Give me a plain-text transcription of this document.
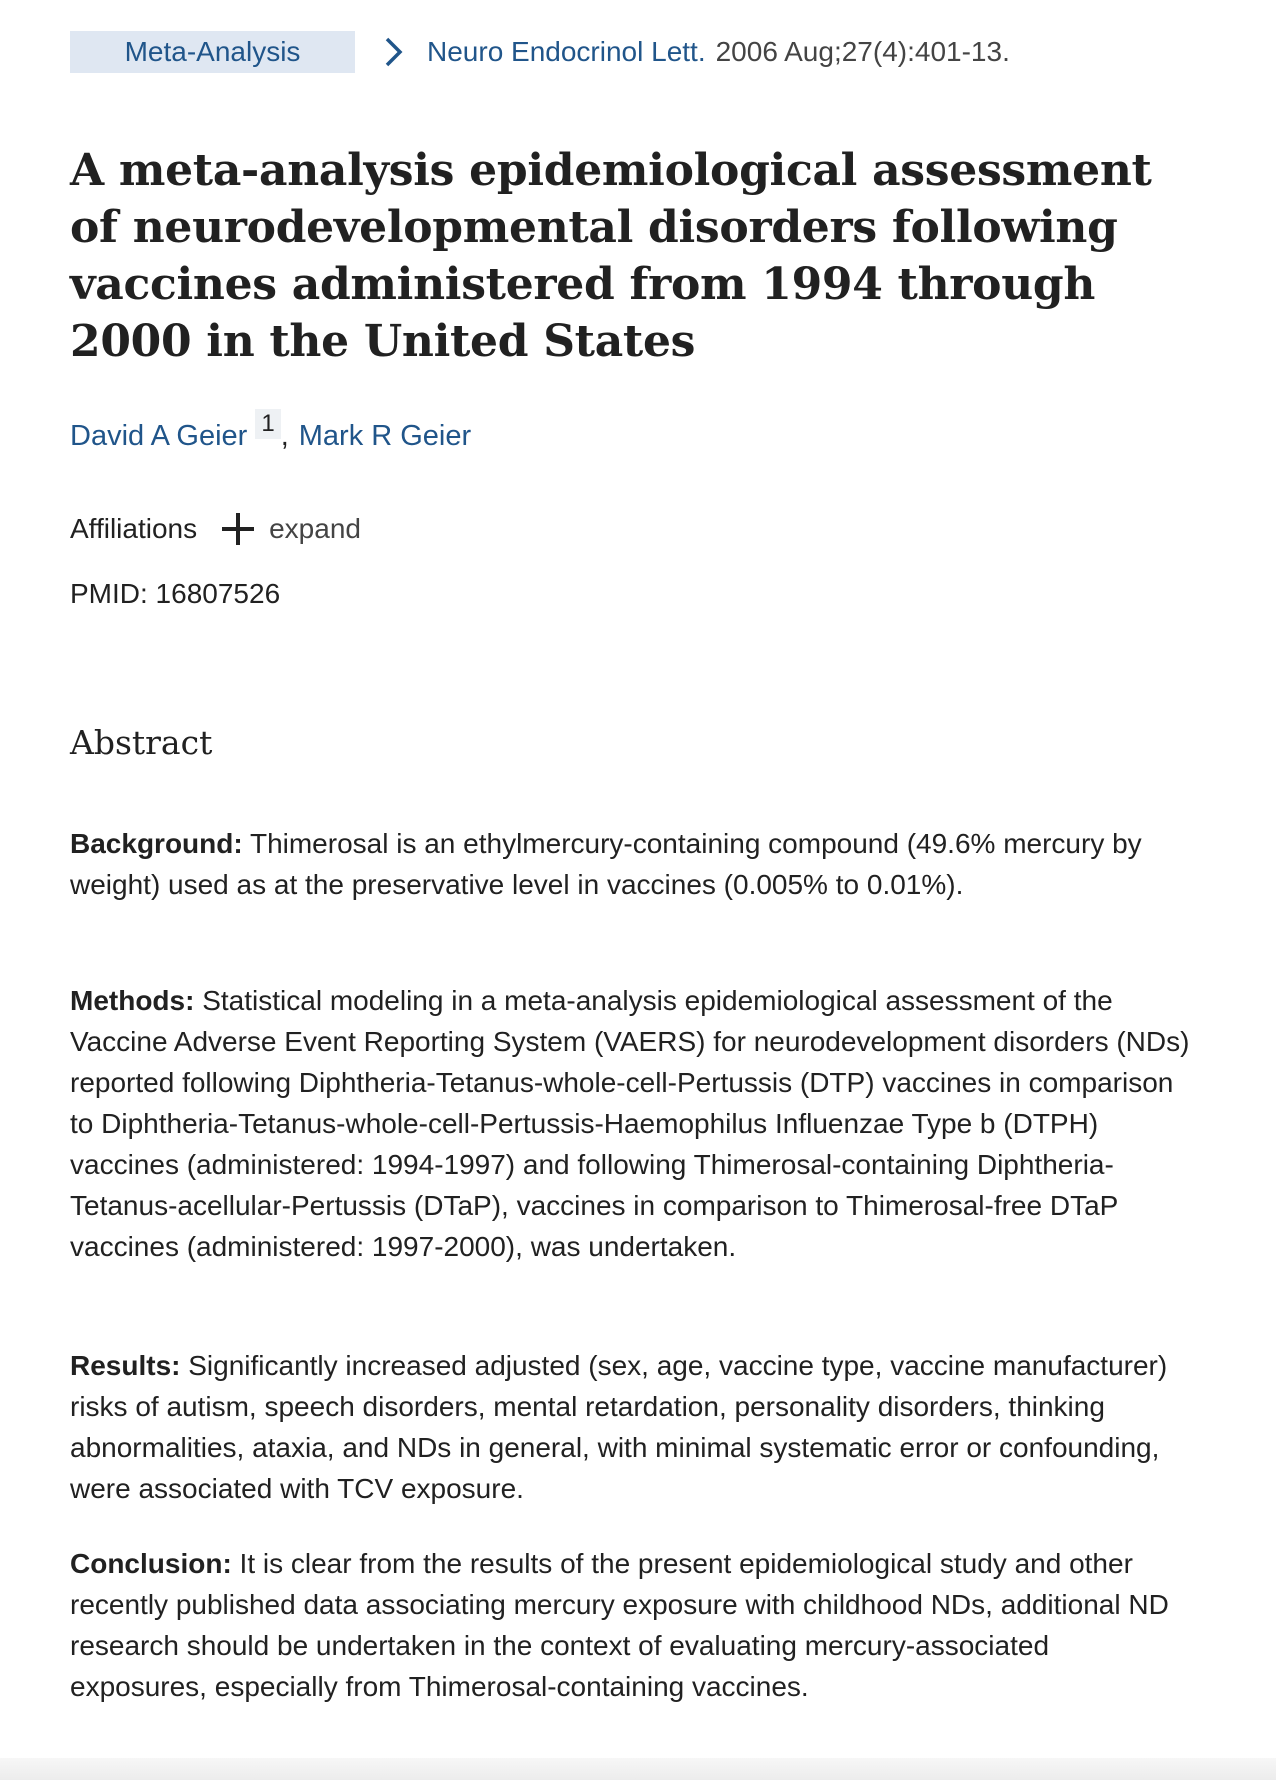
Meta-Analysis	Neuro Endocrinol Lett. 2006 Aug;27(4):401-13.
A meta-analysis epidemiological assessment of neurodevelopmental disorders following vaccines administered from 1994 through 2000 in the United States
David A Geier 1 , Mark R Geier
Affiliations	expand
PMID: 16807526
Abstract

Background: Thimerosal is an ethylmercury-containing compound (49.6% mercury by weight) used as at the preservative level in vaccines (0.005% to 0.01%).

Methods: Statistical modeling in a meta-analysis epidemiological assessment of the Vaccine Adverse Event Reporting System (VAERS) for neurodevelopment disorders (NDs) reported following Diphtheria-Tetanus-whole-cell-Pertussis (DTP) vaccines in comparison to Diphtheria-Tetanus-whole-cell-Pertussis-Haemophilus Influenzae Type b (DTPH) vaccines (administered: 1994-1997) and following Thimerosal-containing Diphtheria-Tetanus-acellular-Pertussis (DTaP), vaccines in comparison to Thimerosal-free DTaP vaccines (administered: 1997-2000), was undertaken.

Results: Significantly increased adjusted (sex, age, vaccine type, vaccine manufacturer) risks of autism, speech disorders, mental retardation, personality disorders, thinking abnormalities, ataxia, and NDs in general, with minimal systematic error or confounding, were associated with TCV exposure.

Conclusion: It is clear from the results of the present epidemiological study and other recently published data associating mercury exposure with childhood NDs, additional ND research should be undertaken in the context of evaluating mercury-associated exposures, especially from Thimerosal-containing vaccines.
